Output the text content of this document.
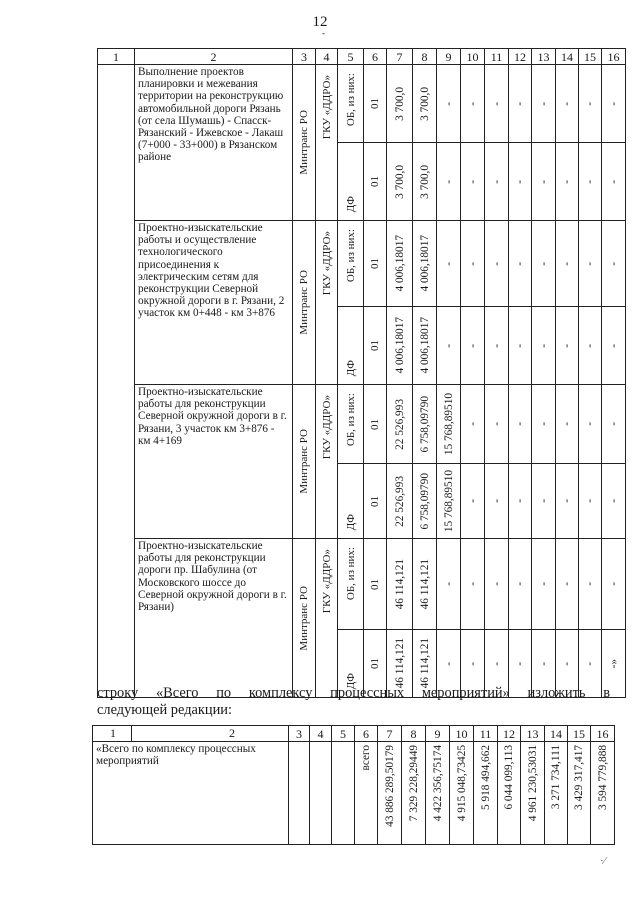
12
-
1	2	3	4	5	6	7	8	9	10	11	12	13	14	15	16
	Выполнение проектов планировки и межевания территории на реконструкцию автомобильной дороги Рязань (от села Шумашь) - Спасск-Рязанский - Ижевское - Лакаш (7+000 - 33+000) в Рязанском районе	Минтранс РО	ГКУ «ДДРО»	ОБ, из них:	01	3 700,0	3 700,0	-	-	-	-	-	-	-	-

				ДФ	01	3 700,0	3 700,0	-	-	-	-	-	-	-	-

	Проектно-изыскательские работы и осуществление технологического присоединения к электрическим сетям для реконструкции Северной окружной дороги в г. Рязани, 2 участок км 0+448 - км 3+876	Минтранс РО	ГКУ «ДДРО»	ОБ, из них:	01	4 006,18017	4 006,18017	-	-	-	-	-	-	-	-

				ДФ	01	4 006,18017	4 006,18017	-	-	-	-	-	-	-	-

	Проектно-изыскательские работы для реконструкции Северной окружной дороги в г. Рязани, 3 участок км 3+876 - км 4+169	Минтранс РО	ГКУ «ДДРО»	ОБ, из них:	01	22 526,993	6 758,09790	15 768,89510	-	-	-	-	-	-	-

				ДФ	01	22 526,993	6 758,09790	15 768,89510	-	-	-	-	-	-	-

	Проектно-изыскательские работы для реконструкции дороги пр. Шабулина (от Московского шоссе до Северной окружной дороги в г. Рязани)	Минтранс РО	ГКУ «ДДРО»	ОБ, из них:	01	46 114,121	46 114,121	-	-	-	-	-	-	-	-

				ДФ	01	46 114,121	46 114,121	-	-	-	-	-	-	-	-»
строку «Всего по комплексу процессных мероприятий» изложить в
следующей редакции:
1 2	3	4	5	6	7	8	9	10	11	12	13	14	15	16
«Всего по комплексу процессных мероприятий				всего	43 886 289,50179	7 329 228,29449	4 422 356,75174	4 915 048,73425	5 918 494,662	6 044 099,113	4 961 230,53031	3 271 734,111	3 429 317,417	3 594 779,888
·⁄
